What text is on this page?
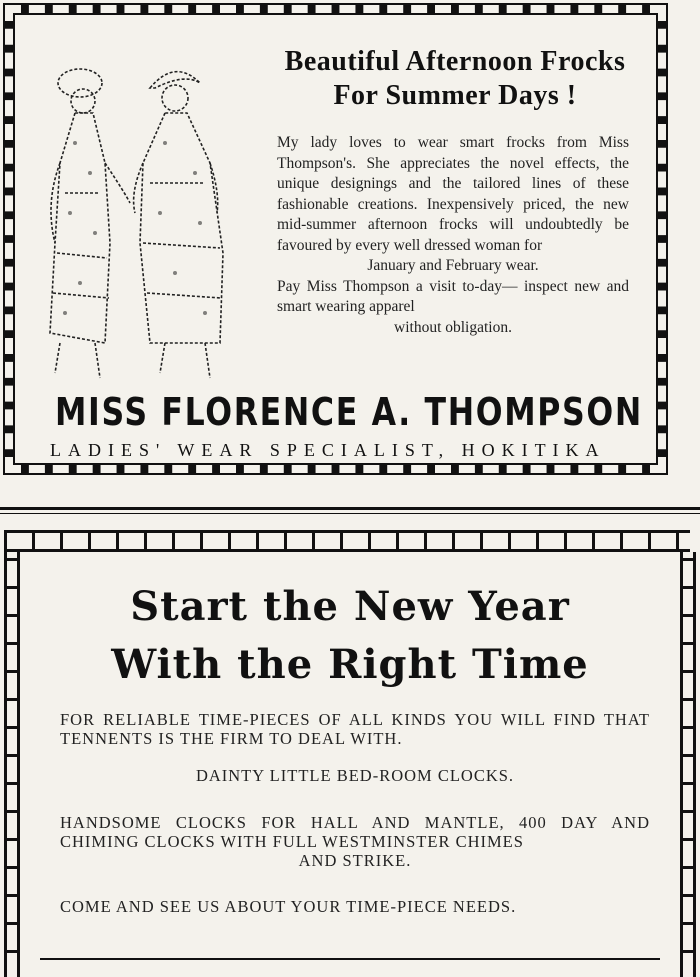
Beautiful Afternoon Frocks
For Summer Days !

My lady loves to wear smart frocks from Miss Thompson's. She appreciates the novel effects, the unique designings and the tailored lines of these fashionable creations. Inexpensively priced, the new mid-summer afternoon frocks will undoubtedly be favoured by every well dressed woman for

January and February wear.

Pay Miss Thompson a visit to-day— inspect new and smart wearing apparel

without obligation.

MISS FLORENCE A. THOMPSON
LADIES' WEAR SPECIALIST, HOKITIKA
Start the New Year
With the Right Time
FOR RELIABLE TIME-PIECES OF ALL KINDS YOU WILL FIND THAT TENNENTS IS THE FIRM TO DEAL WITH.
DAINTY LITTLE BED-ROOM CLOCKS.
HANDSOME CLOCKS FOR HALL AND MANTLE, 400 DAY AND CHIMING CLOCKS WITH FULL WESTMINSTER CHIMES
AND STRIKE.
COME AND SEE US ABOUT YOUR TIME-PIECE NEEDS.
